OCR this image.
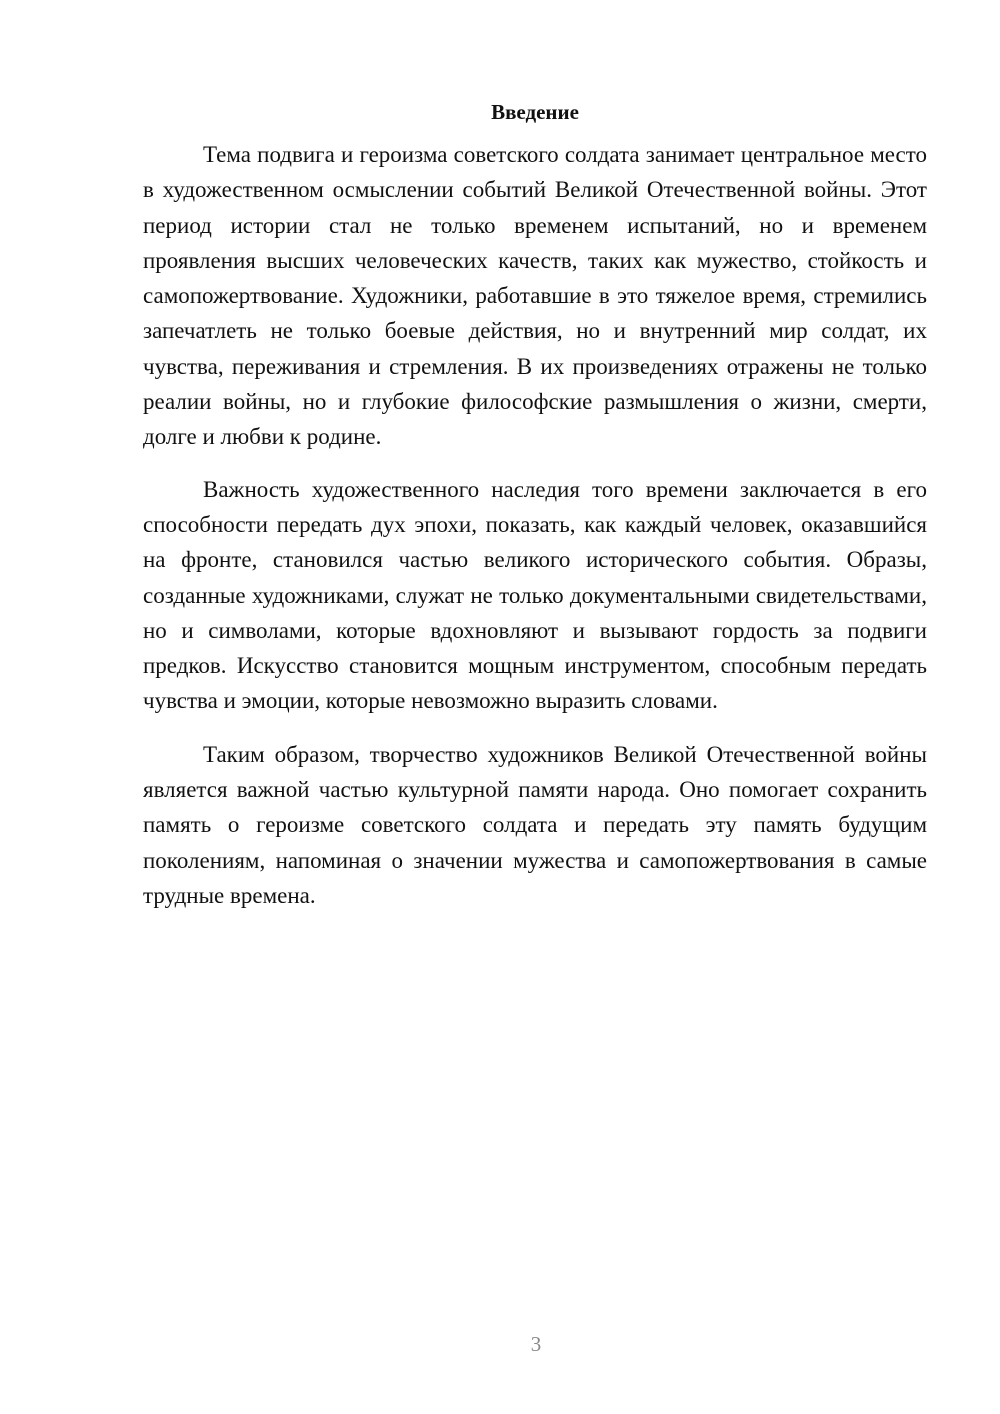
Введение

Тема подвига и героизма советского солдата занимает центральное место в художественном осмыслении событий Великой Отечественной войны. Этот период истории стал не только временем испытаний, но и временем проявления высших человеческих качеств, таких как мужество, стойкость и самопожертвование. Художники, работавшие в это тяжелое время, стремились запечатлеть не только боевые действия, но и внутренний мир солдат, их чувства, переживания и стремления. В их произведениях отражены не только реалии войны, но и глубокие философские размышления о жизни, смерти, долге и любви к родине.

Важность художественного наследия того времени заключается в его способности передать дух эпохи, показать, как каждый человек, оказавшийся на фронте, становился частью великого исторического события. Образы, созданные художниками, служат не только документальными свидетельствами, но и символами, которые вдохновляют и вызывают гордость за подвиги предков. Искусство становится мощным инструментом, способным передать чувства и эмоции, которые невозможно выразить словами.

Таким образом, творчество художников Великой Отечественной войны является важной частью культурной памяти народа. Оно помогает сохранить память о героизме советского солдата и передать эту память будущим поколениям, напоминая о значении мужества и самопожертвования в самые трудные времена.

3
